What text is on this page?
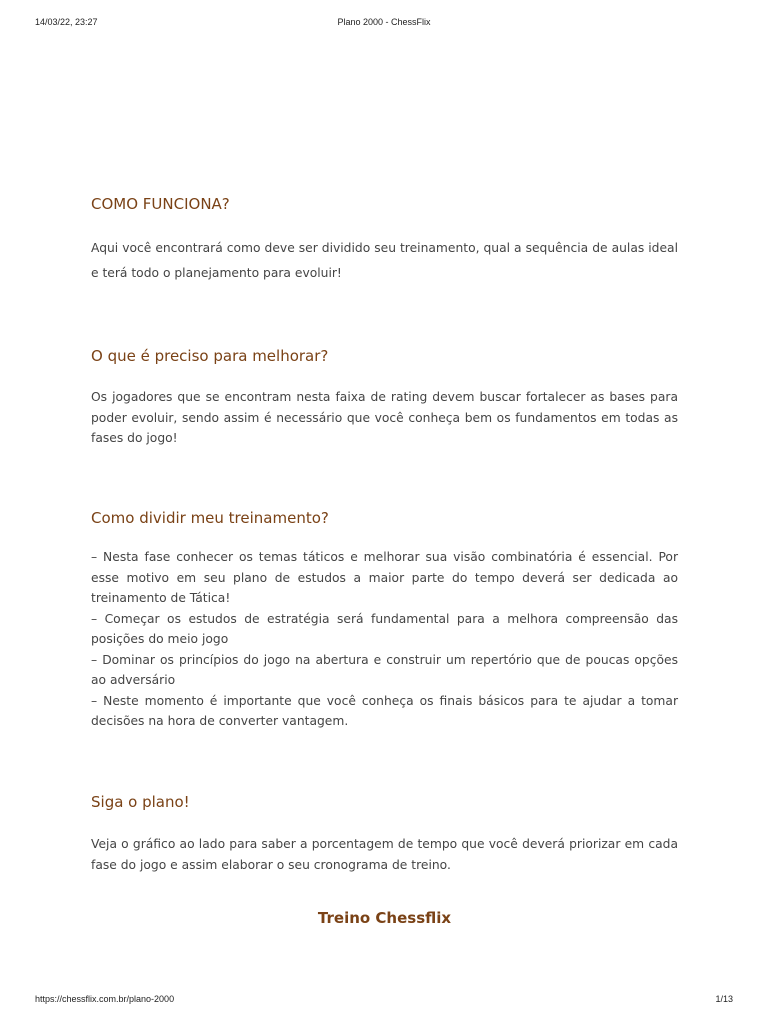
14/03/22, 23:27	Plano 2000 - ChessFlix
COMO FUNCIONA?

Aqui você encontrará como deve ser dividido seu treinamento, qual a sequência de aulas ideal e terá todo o planejamento para evoluir!

O que é preciso para melhorar?

Os jogadores que se encontram nesta faixa de rating devem buscar fortalecer as bases para poder evoluir, sendo assim é necessário que você conheça bem os fundamentos em todas as fases do jogo!

Como dividir meu treinamento?

– Nesta fase conhecer os temas táticos e melhorar sua visão combinatória é essencial. Por esse motivo em seu plano de estudos a maior parte do tempo deverá ser dedicada ao treinamento de Tática!
– Começar os estudos de estratégia será fundamental para a melhora compreensão das posições do meio jogo
– Dominar os princípios do jogo na abertura e construir um repertório que de poucas opções ao adversário
– Neste momento é importante que você conheça os finais básicos para te ajudar a tomar decisões na hora de converter vantagem.

Siga o plano!

Veja o gráfico ao lado para saber a porcentagem de tempo que você deverá priorizar em cada fase do jogo e assim elaborar o seu cronograma de treino.

Treino Chessflix
https://chessflix.com.br/plano-2000	1/13
